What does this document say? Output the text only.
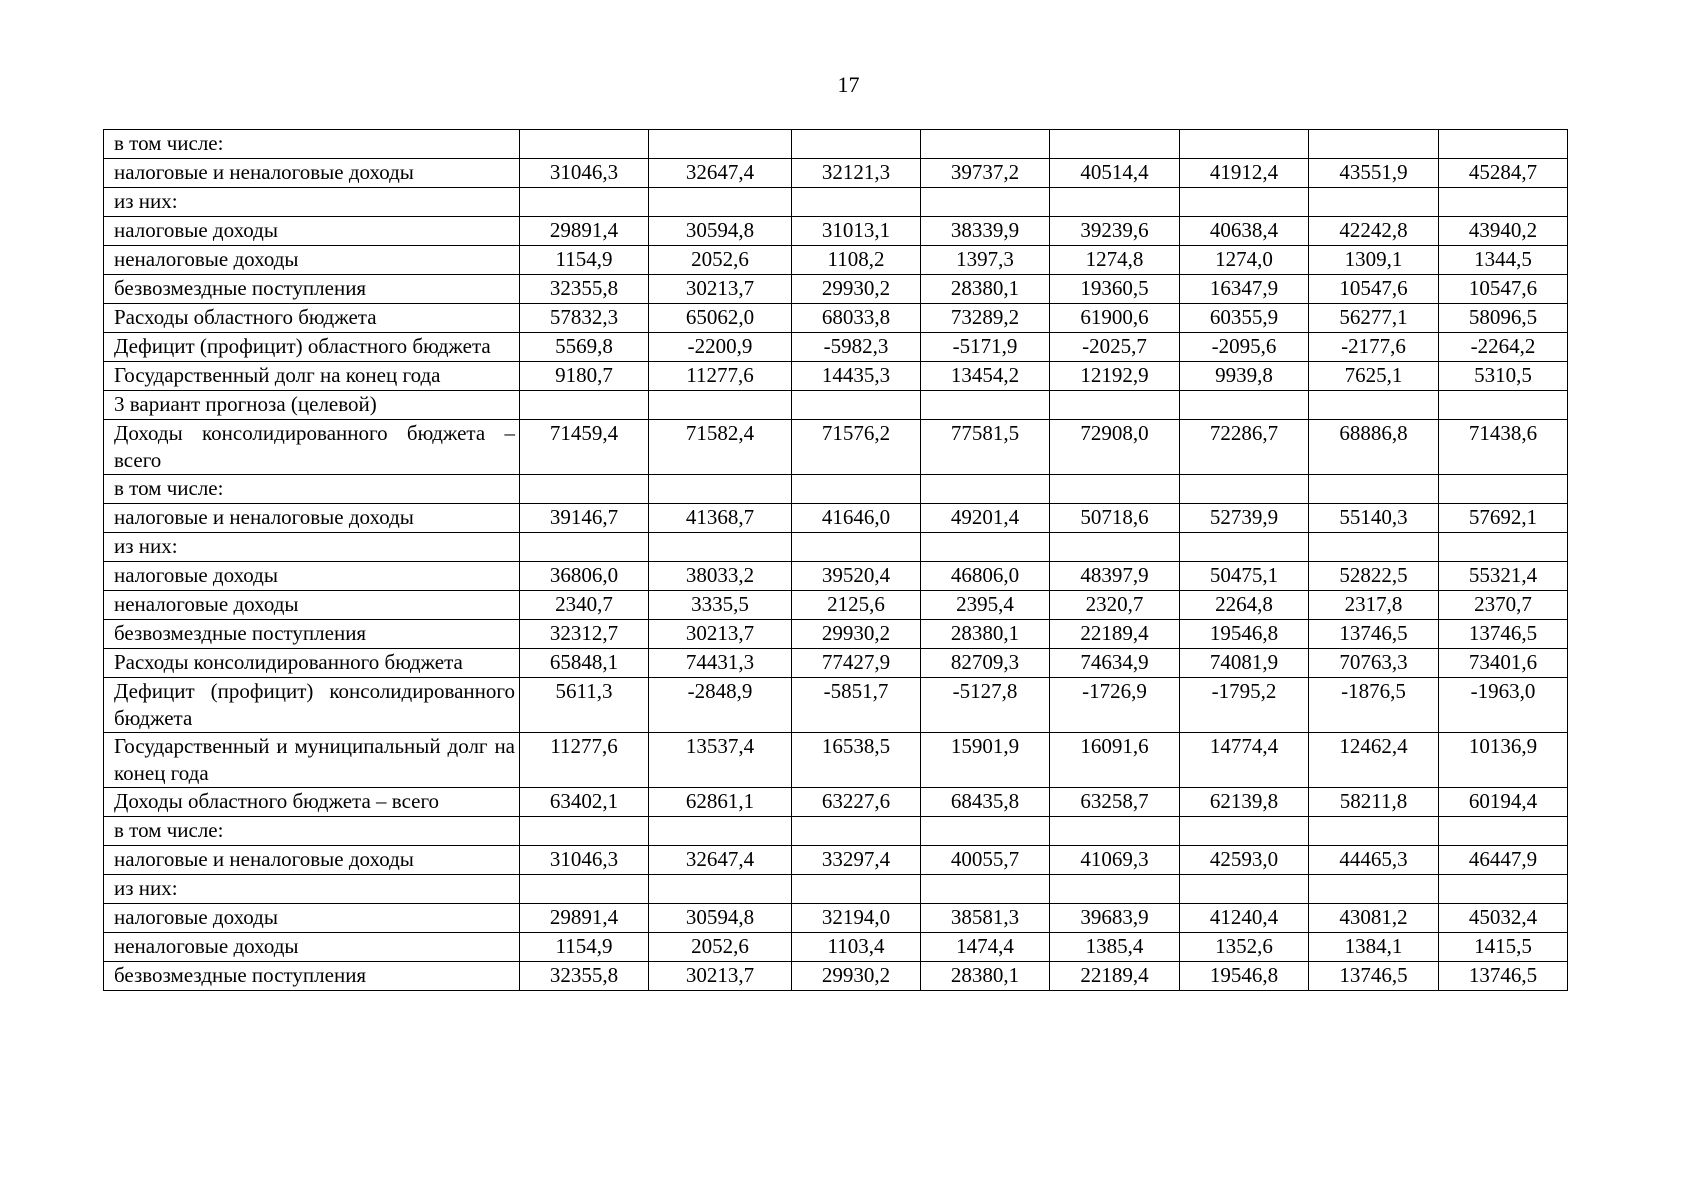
17
в том числе:								
налоговые и неналоговые доходы	31046,3	32647,4	32121,3	39737,2	40514,4	41912,4	43551,9	45284,7
из них:								
налоговые доходы	29891,4	30594,8	31013,1	38339,9	39239,6	40638,4	42242,8	43940,2
неналоговые доходы	1154,9	2052,6	1108,2	1397,3	1274,8	1274,0	1309,1	1344,5
безвозмездные поступления	32355,8	30213,7	29930,2	28380,1	19360,5	16347,9	10547,6	10547,6
Расходы областного бюджета	57832,3	65062,0	68033,8	73289,2	61900,6	60355,9	56277,1	58096,5
Дефицит (профицит) областного бюджета	5569,8	-2200,9	-5982,3	-5171,9	-2025,7	-2095,6	-2177,6	-2264,2
Государственный долг на конец года	9180,7	11277,6	14435,3	13454,2	12192,9	9939,8	7625,1	5310,5
3 вариант прогноза (целевой)								
Доходы консолидированного бюджета – всего	71459,4	71582,4	71576,2	77581,5	72908,0	72286,7	68886,8	71438,6
в том числе:								
налоговые и неналоговые доходы	39146,7	41368,7	41646,0	49201,4	50718,6	52739,9	55140,3	57692,1
из них:								
налоговые доходы	36806,0	38033,2	39520,4	46806,0	48397,9	50475,1	52822,5	55321,4
неналоговые доходы	2340,7	3335,5	2125,6	2395,4	2320,7	2264,8	2317,8	2370,7
безвозмездные поступления	32312,7	30213,7	29930,2	28380,1	22189,4	19546,8	13746,5	13746,5
Расходы консолидированного бюджета	65848,1	74431,3	77427,9	82709,3	74634,9	74081,9	70763,3	73401,6
Дефицит (профицит) консолидированного бюджета	5611,3	-2848,9	-5851,7	-5127,8	-1726,9	-1795,2	-1876,5	-1963,0
Государственный и муниципальный долг на конец года	11277,6	13537,4	16538,5	15901,9	16091,6	14774,4	12462,4	10136,9
Доходы областного бюджета – всего	63402,1	62861,1	63227,6	68435,8	63258,7	62139,8	58211,8	60194,4
в том числе:								
налоговые и неналоговые доходы	31046,3	32647,4	33297,4	40055,7	41069,3	42593,0	44465,3	46447,9
из них:								
налоговые доходы	29891,4	30594,8	32194,0	38581,3	39683,9	41240,4	43081,2	45032,4
неналоговые доходы	1154,9	2052,6	1103,4	1474,4	1385,4	1352,6	1384,1	1415,5
безвозмездные поступления	32355,8	30213,7	29930,2	28380,1	22189,4	19546,8	13746,5	13746,5
